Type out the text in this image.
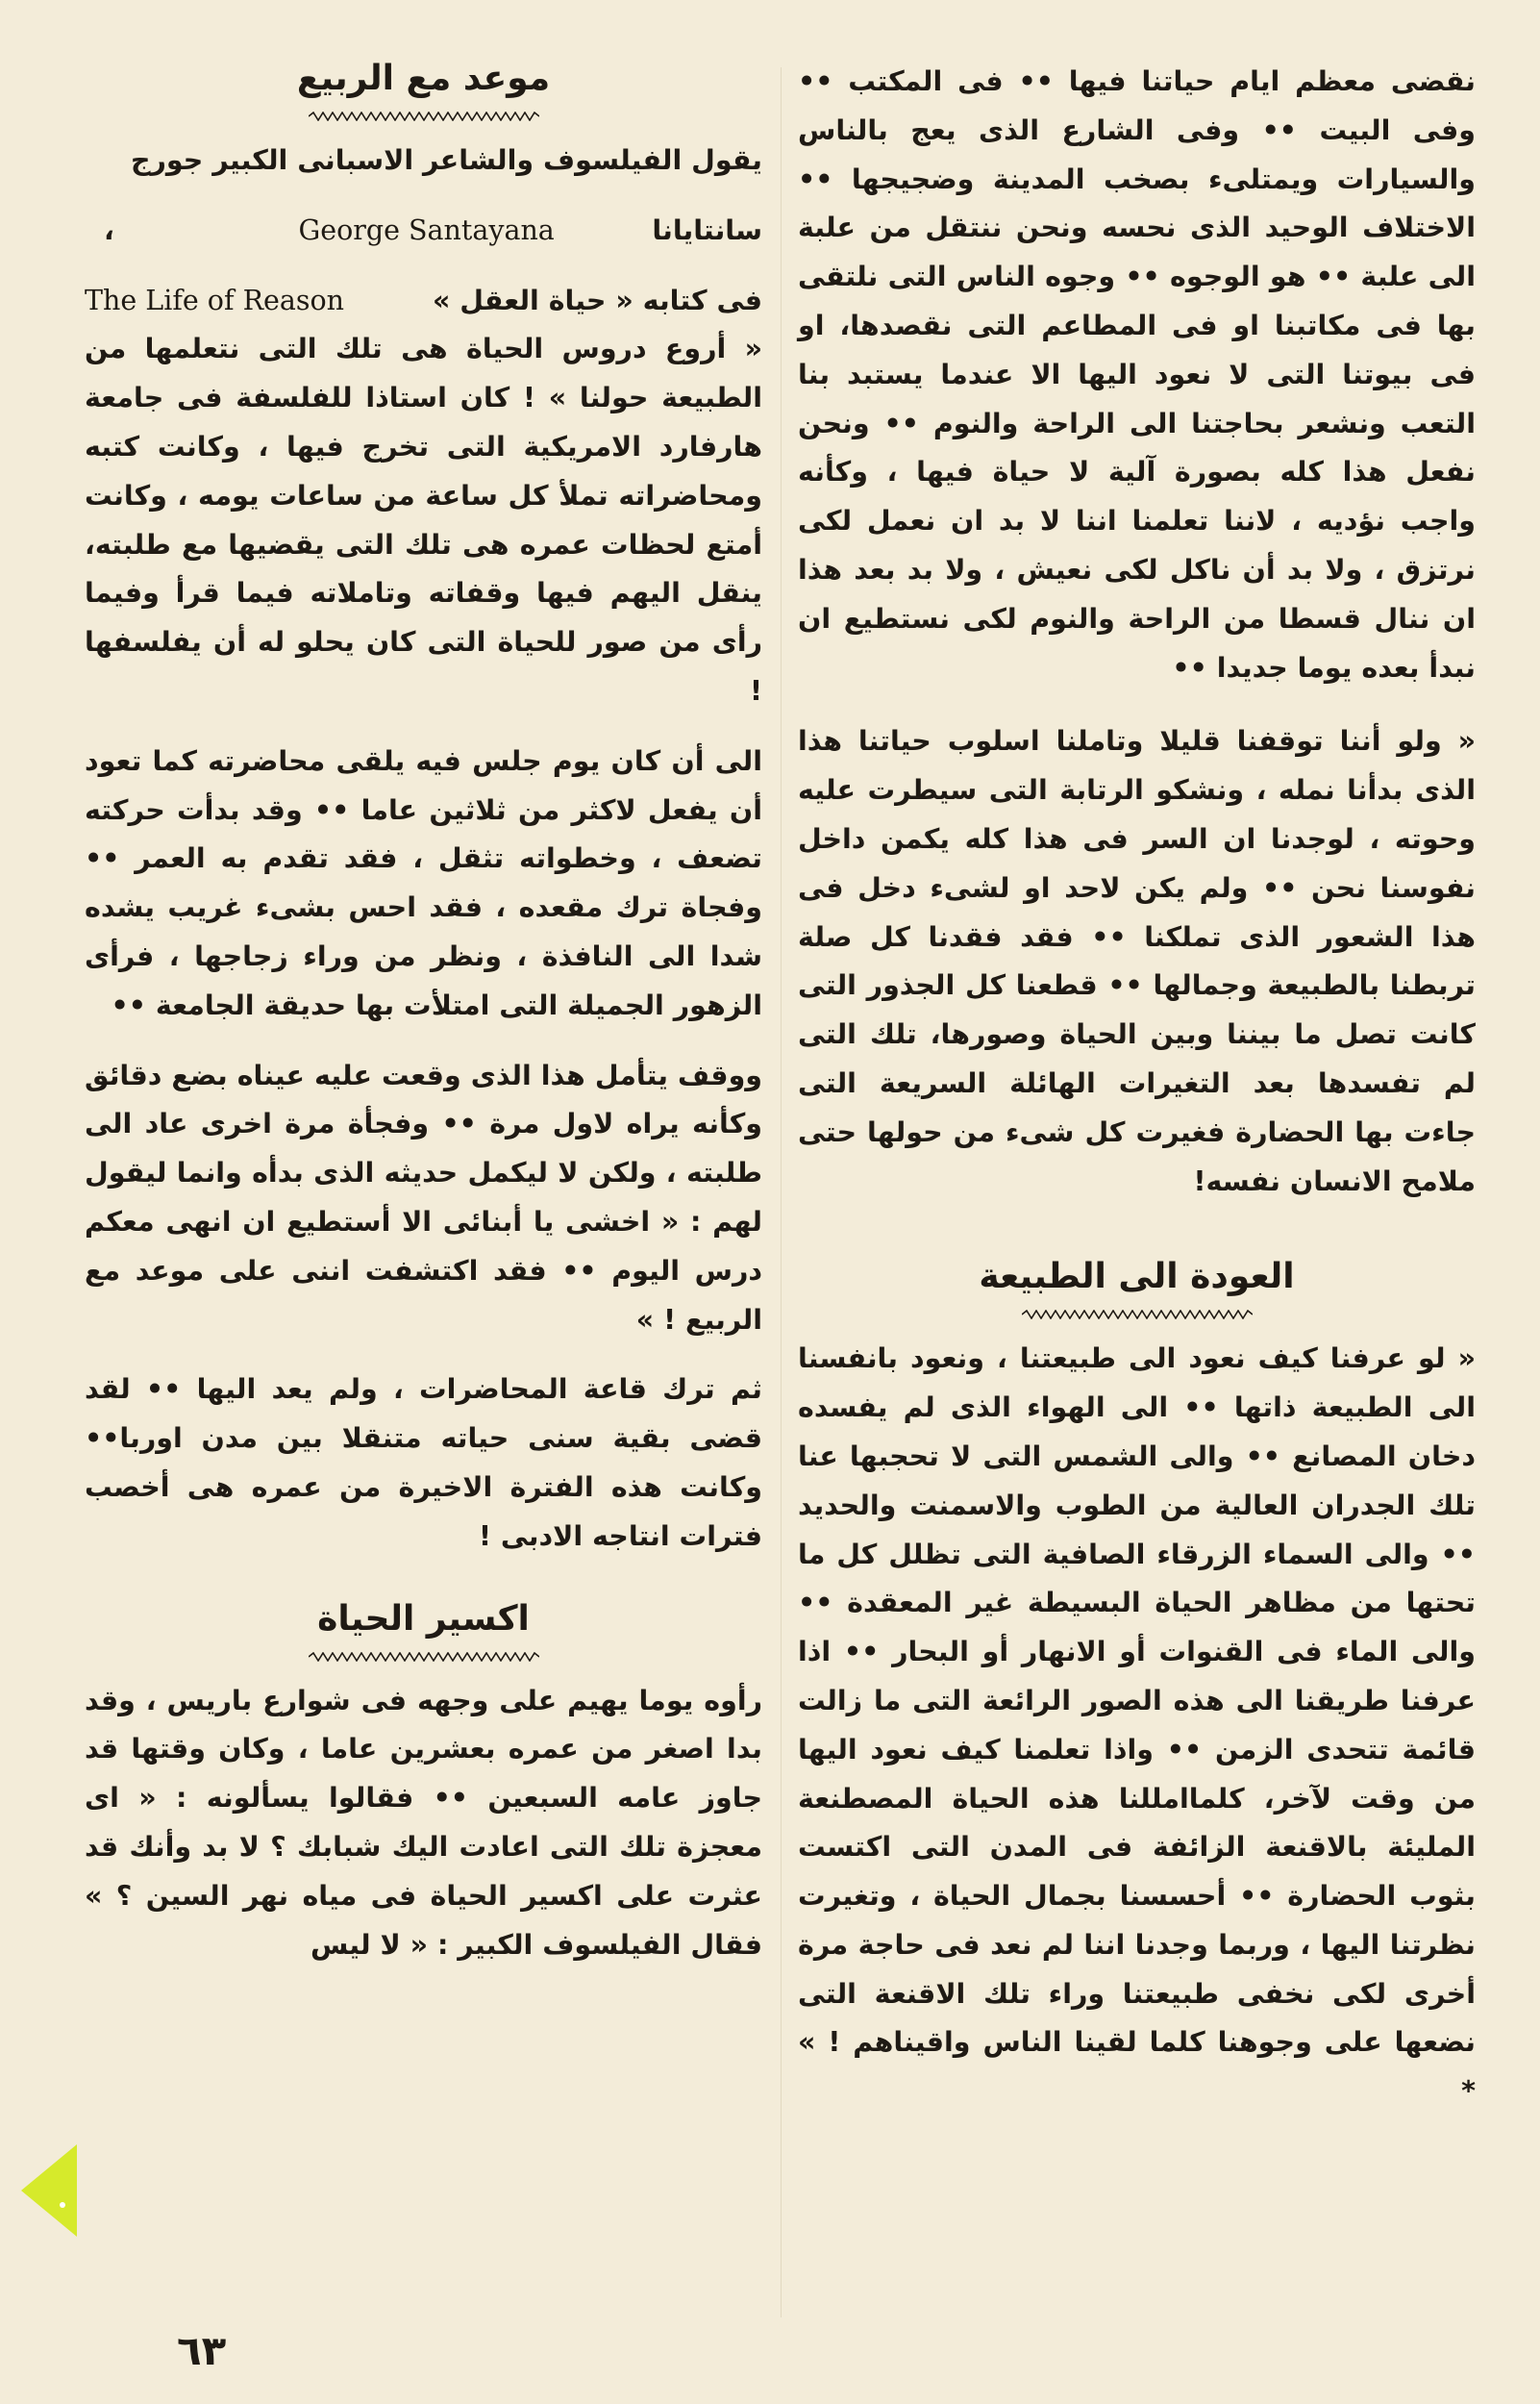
نقضى معظم ايام حياتنا فيها •• فى المكتب •• وفى البيت •• وفى الشارع الذى يعج بالناس والسيارات ويمتلىء بصخب المدينة وضجيجها •• الاختلاف الوحيد الذى نحسه ونحن ننتقل من علبة الى علبة •• هو الوجوه •• وجوه الناس التى نلتقى بها فى مكاتبنا او فى المطاعم التى نقصدها، او فى بيوتنا التى لا نعود اليها الا عندما يستبد بنا التعب ونشعر بحاجتنا الى الراحة والنوم •• ونحن نفعل هذا كله بصورة آلية لا حياة فيها ، وكأنه واجب نؤديه ، لاننا تعلمنا اننا لا بد ان نعمل لكى نرتزق ، ولا بد أن ناكل لكى نعيش ، ولا بد بعد هذا ان ننال قسطا من الراحة والنوم لكى نستطيع ان نبدأ بعده يوما جديدا ••

« ولو أننا توقفنا قليلا وتاملنا اسلوب حياتنا هذا الذى بدأنا نمله ، ونشكو الرتابة التى سيطرت عليه وحوته ، لوجدنا ان السر فى هذا كله يكمن داخل نفوسنا نحن •• ولم يكن لاحد او لشىء دخل فى هذا الشعور الذى تملكنا •• فقد فقدنا كل صلة تربطنا بالطبيعة وجمالها •• قطعنا كل الجذور التى كانت تصل ما بيننا وبين الحياة وصورها، تلك التى لم تفسدها بعد التغيرات الهائلة السريعة التى جاءت بها الحضارة فغيرت كل شىء من حولها حتى ملامح الانسان نفسه!

العودة الى الطبيعة

« لو عرفنا كيف نعود الى طبيعتنا ، ونعود بانفسنا الى الطبيعة ذاتها •• الى الهواء الذى لم يفسده دخان المصانع •• والى الشمس التى لا تحجبها عنا تلك الجدران العالية من الطوب والاسمنت والحديد •• والى السماء الزرقاء الصافية التى تظلل كل ما تحتها من مظاهر الحياة البسيطة غير المعقدة •• والى الماء فى القنوات أو الانهار أو البحار •• اذا عرفنا طريقنا الى هذه الصور الرائعة التى ما زالت قائمة تتحدى الزمن •• واذا تعلمنا كيف نعود اليها من وقت لآخر، كلماامللنا هذه الحياة المصطنعة المليئة بالاقنعة الزائفة فى المدن التى اكتست بثوب الحضارة •• أحسسنا بجمال الحياة ، وتغيرت نظرتنا اليها ، وربما وجدنا اننا لم نعد فى حاجة مرة أخرى لكى نخفى طبيعتنا وراء تلك الاقنعة التى نضعها على وجوهنا كلما لقينا الناس واقيناهم ! » *

موعد مع الربيع
يقول الفيلسوف والشاعر الاسبانى الكبير جورج
سانتايانا
George Santayana
،
فى كتابه « حياة العقل »
The Life of Reason

« أروع دروس الحياة هى تلك التى نتعلمها من الطبيعة حولنا » ! كان استاذا للفلسفة فى جامعة هارفارد الامريكية التى تخرج فيها ، وكانت كتبه ومحاضراته تملأ كل ساعة من ساعات يومه ، وكانت أمتع لحظات عمره هى تلك التى يقضيها مع طلبته، ينقل اليهم فيها وقفاته وتاملاته فيما قرأ وفيما رأى من صور للحياة التى كان يحلو له أن يفلسفها !

الى أن كان يوم جلس فيه يلقى محاضرته كما تعود أن يفعل لاكثر من ثلاثين عاما •• وقد بدأت حركته تضعف ، وخطواته تثقل ، فقد تقدم به العمر •• وفجاة ترك مقعده ، فقد احس بشىء غريب يشده شدا الى النافذة ، ونظر من وراء زجاجها ، فرأى الزهور الجميلة التى امتلأت بها حديقة الجامعة ••

ووقف يتأمل هذا الذى وقعت عليه عيناه بضع دقائق وكأنه يراه لاول مرة •• وفجأة مرة اخرى عاد الى طلبته ، ولكن لا ليكمل حديثه الذى بدأه وانما ليقول لهم : « اخشى يا أبنائى الا أستطيع ان انهى معكم درس اليوم •• فقد اكتشفت اننى على موعد مع الربيع ! »

ثم ترك قاعة المحاضرات ، ولم يعد اليها •• لقد قضى بقية سنى حياته متنقلا بين مدن اوربا•• وكانت هذه الفترة الاخيرة من عمره هى أخصب فترات انتاجه الادبى !

اكسير الحياة

رأوه يوما يهيم على وجهه فى شوارع باريس ، وقد بدا اصغر من عمره بعشرين عاما ، وكان وقتها قد جاوز عامه السبعين •• فقالوا يسألونه : « اى معجزة تلك التى اعادت اليك شبابك ؟ لا بد وأنك قد عثرت على اكسير الحياة فى مياه نهر السين ؟ » فقال الفيلسوف الكبير : « لا ليس

٦٣
